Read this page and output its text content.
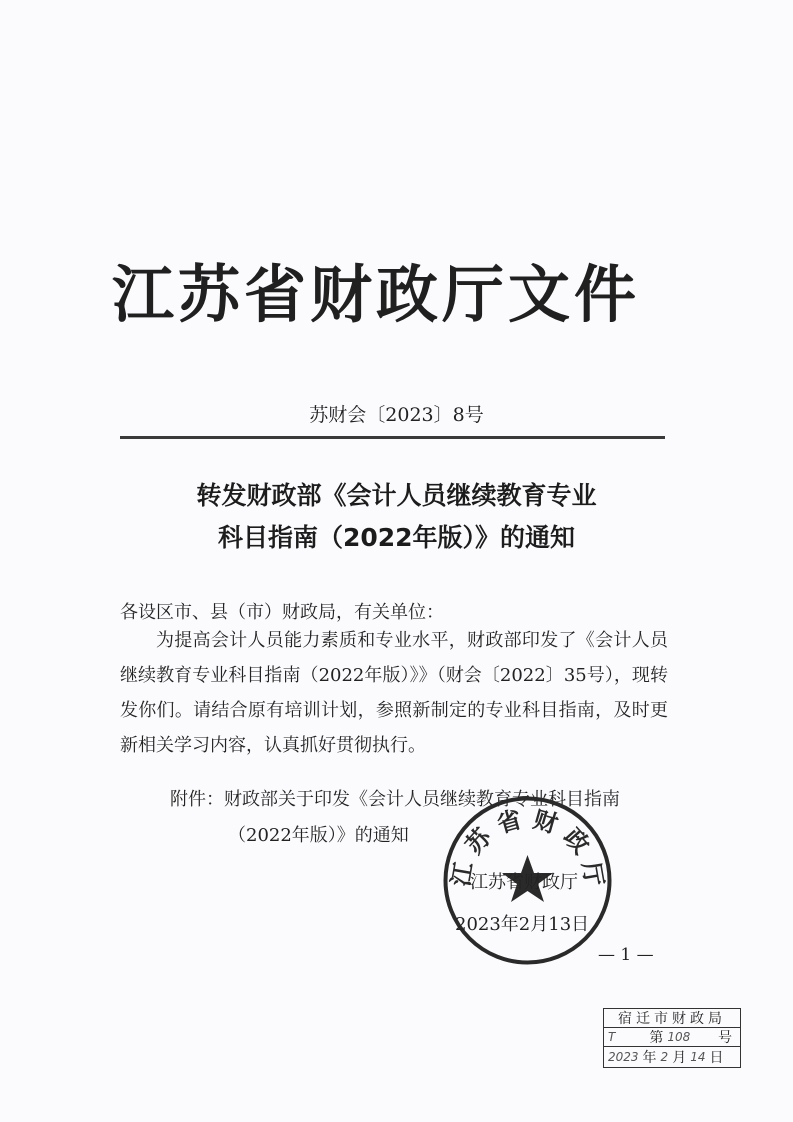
江苏省财政厅文件
苏财会〔2023〕8号
转发财政部《会计人员继续教育专业
科目指南（2022年版）》的通知
各设区市、县（市）财政局，有关单位：
为提高会计人员能力素质和专业水平，财政部印发了《会计人员继续教育专业科目指南（2022年版）》》（财会〔2022〕35号），现转发你们。请结合原有培训计划，参照新制定的专业科目指南，及时更新相关学习内容，认真抓好贯彻执行。
附件：财政部关于印发《会计人员继续教育专业科目指南
（2022年版）》的通知
江 苏 省 财 政 厅
江苏省财政厅
2023年2月13日
— 1 —
宿迁市财政局
T 第 108 号
2023 年 2 月 14 日
